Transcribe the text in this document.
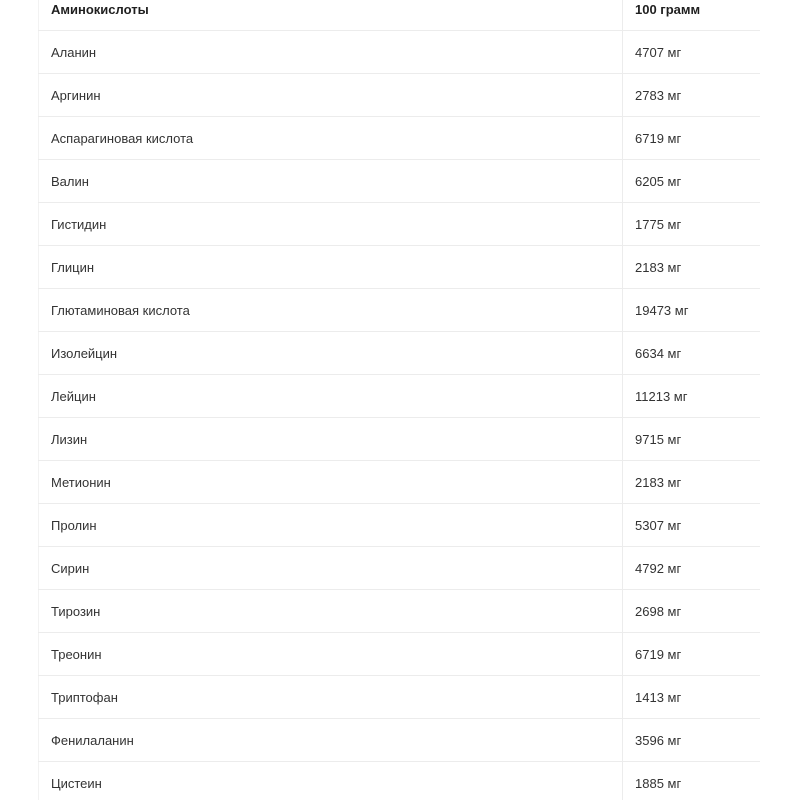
Аминокислоты	100 грамм
Аланин	4707 мг
Аргинин	2783 мг
Аспарагиновая кислота	6719 мг
Валин	6205 мг
Гистидин	1775 мг
Глицин	2183 мг
Глютаминовая кислота	19473 мг
Изолейцин	6634 мг
Лейцин	11213 мг
Лизин	9715 мг
Метионин	2183 мг
Пролин	5307 мг
Сирин	4792 мг
Тирозин	2698 мг
Треонин	6719 мг
Триптофан	1413 мг
Фенилаланин	3596 мг
Цистеин	1885 мг
